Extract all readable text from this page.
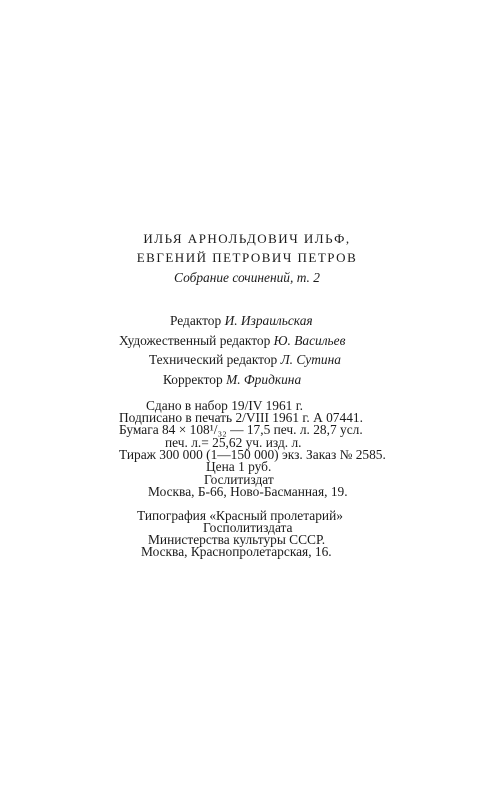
ИЛЬЯ АРНОЛЬДОВИЧ ИЛЬФ,
ЕВГЕНИЙ ПЕТРОВИЧ ПЕТРОВ
Собрание сочинений, т. 2
Редактор И. Израильская
Художественный редактор Ю. Васильев
Технический редактор Л. Сутина
Корректор М. Фридкина
Сдано в набор 19/IV 1961 г.
Подписано в печать 2/VIII 1961 г. А 07441.
Бумага 84 × 108¹/₃₂ — 17,5 печ. л. 28,7 усл.
печ. л.= 25,62 уч. изд. л.
Тираж 300 000 (1—150 000) экз. Заказ № 2585.
Цена 1 руб.
Гослитиздат
Москва, Б-66, Ново-Басманная, 19.
Типография «Красный пролетарий»
Госполитиздата
Министерства культуры СССР.
Москва, Краснопролетарская, 16.
